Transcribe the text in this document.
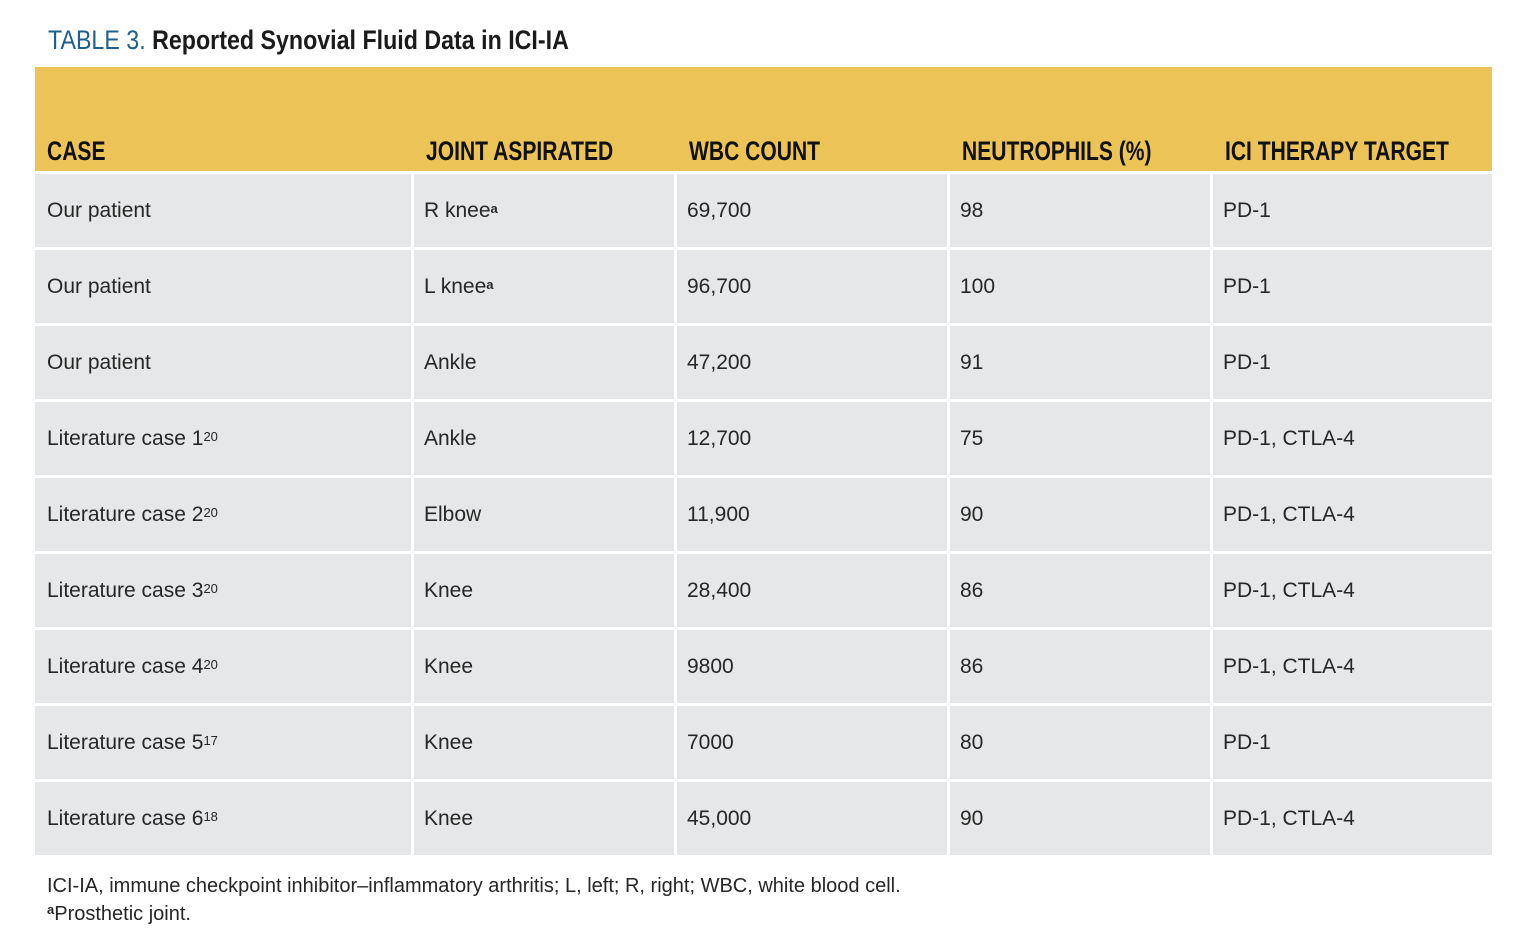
TABLE 3. Reported Synovial Fluid Data in ICI-IA
CASE	JOINT ASPIRATED	WBC COUNT	NEUTROPHILS (%)	ICI THERAPY TARGET
Our patient	R knee$^a$	69,700	98	PD-1
Our patient	L knee$^a$	96,700	100	PD-1
Our patient	Ankle	47,200	91	PD-1
Literature case $1^{20}$	Ankle	12,700	75	PD-1, CTLA-4
Literature case $2^{20}$	Elbow	11,900	90	PD-1, CTLA-4
Literature case $3^{20}$	Knee	28,400	86	PD-1, CTLA-4
Literature case $4^{20}$	Knee	9800	86	PD-1, CTLA-4
Literature case $5^{17}$	Knee	7000	80	PD-1
Literature case $6^{18}$	Knee	45,000	90	PD-1, CTLA-4
ICI-IA, immune checkpoint inhibitor–inflammatory arthritis; L, left; R, right; WBC, white blood cell.
$^a$Prosthetic joint.
